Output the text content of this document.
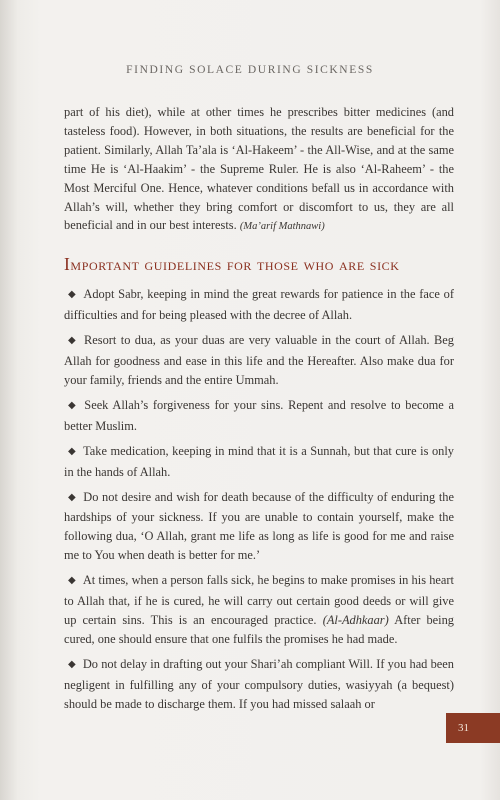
FINDING SOLACE DURING SICKNESS

part of his diet), while at other times he prescribes bitter medicines (and tasteless food). However, in both situations, the results are beneficial for the patient. Similarly, Allah Ta’ala is ‘Al-Hakeem’ - the All-Wise, and at the same time He is ‘Al-Haakim’ - the Supreme Ruler. He is also ‘Al-Raheem’ - the Most Merciful One. Hence, whatever conditions befall us in accordance with Allah’s will, whether they bring comfort or discomfort to us, they are all beneficial and in our best interests. (Ma’arif Mathnawi)

Important guidelines for those who are sick

◆ Adopt Sabr, keeping in mind the great rewards for patience in the face of difficulties and for being pleased with the decree of Allah.

◆ Resort to dua, as your duas are very valuable in the court of Allah. Beg Allah for goodness and ease in this life and the Hereafter. Also make dua for your family, friends and the entire Ummah.

◆ Seek Allah’s forgiveness for your sins. Repent and resolve to become a better Muslim.

◆ Take medication, keeping in mind that it is a Sunnah, but that cure is only in the hands of Allah.

◆ Do not desire and wish for death because of the difficulty of enduring the hardships of your sickness. If you are unable to contain yourself, make the following dua, ‘O Allah, grant me life as long as life is good for me and raise me to You when death is better for me.’

◆ At times, when a person falls sick, he begins to make promises in his heart to Allah that, if he is cured, he will carry out certain good deeds or will give up certain sins. This is an encouraged practice. (Al-Adhkaar) After being cured, one should ensure that one fulfils the promises he had made.

◆ Do not delay in drafting out your Shari’ah compliant Will. If you had been negligent in fulfilling any of your compulsory duties, wasiyyah (a bequest) should be made to discharge them. If you had missed salaah or

31
